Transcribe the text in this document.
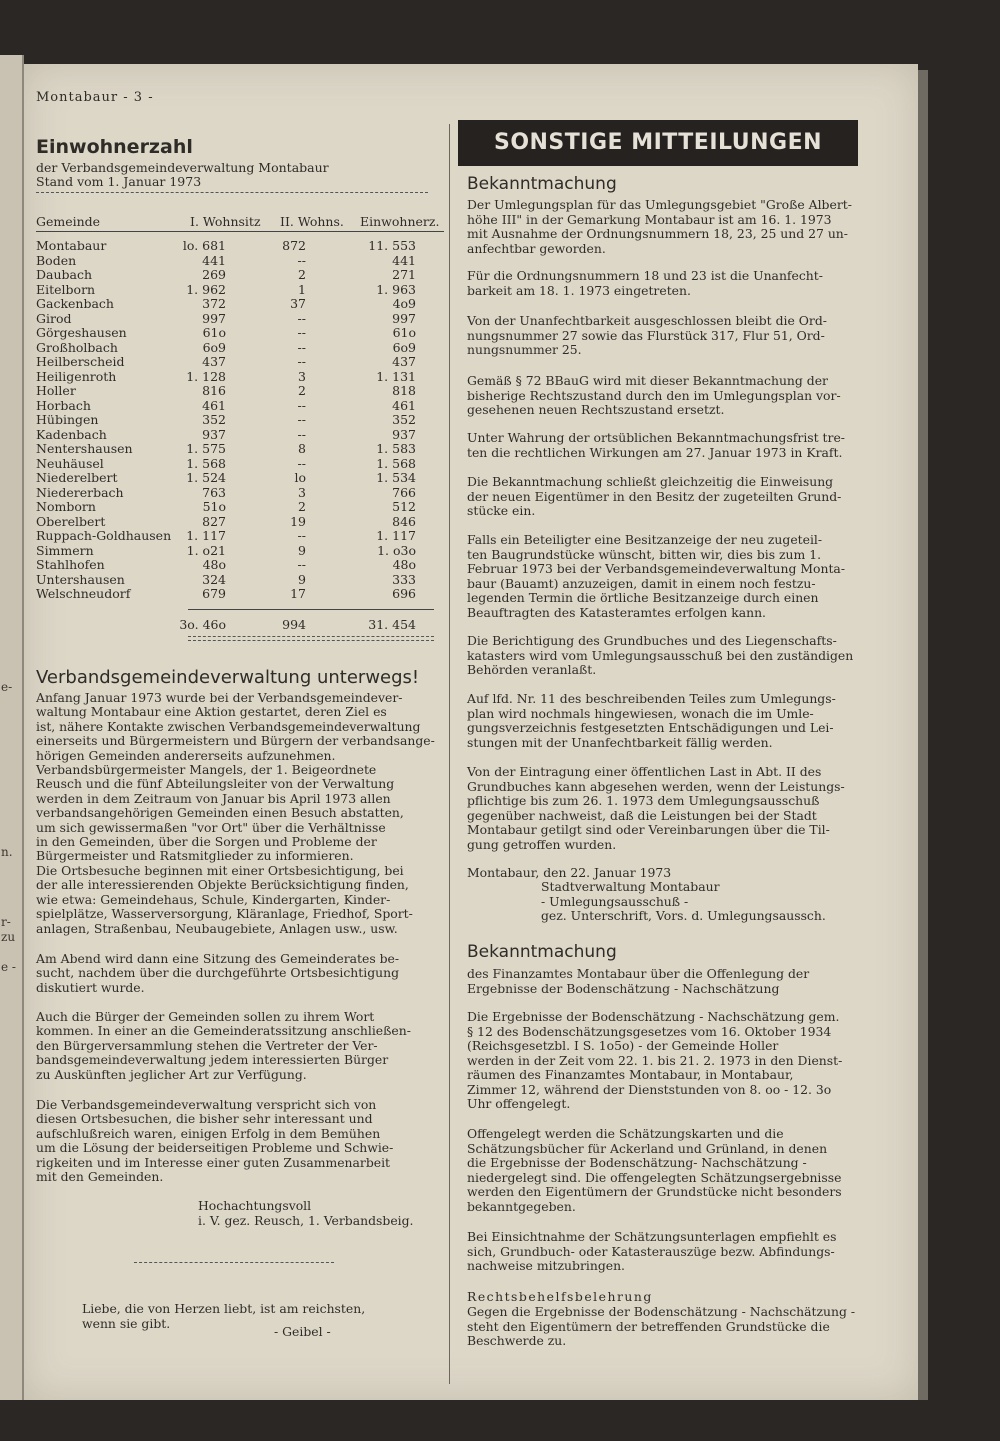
e-
n.
r-
zu
e -
Montabaur - 3 -
Einwohnerzahl
der Verbandsgemeindeverwaltung Montabaur
Stand vom 1. Januar 1973
Gemeinde	I. Wohnsitz II. Wohns. Einwohnerz.
Montabaur	lo. 681	872	11. 553
Boden	441	--	441
Daubach	269	2	271
Eitelborn	1. 962	1	1. 963
Gackenbach	372	37	4o9
Girod	997	--	997
Görgeshausen	61o	--	61o
Großholbach	6o9	--	6o9
Heilberscheid	437	--	437
Heiligenroth	1. 128	3	1. 131
Holler	816	2	818
Horbach	461	--	461
Hübingen	352	--	352
Kadenbach	937	--	937
Nentershausen	1. 575	8	1. 583
Neuhäusel	1. 568	--	1. 568
Niederelbert	1. 524	lo	1. 534
Niedererbach	763	3	766
Nomborn	51o	2	512
Oberelbert	827	19	846
Ruppach-Goldhausen 1. 117	--	1. 117
Simmern	1. o21	9	1. o3o
Stahlhofen	48o	--	48o
Untershausen	324	9	333
Welschneudorf	679	17	696
3o. 46o	994	31. 454
Verbandsgemeindeverwaltung unterwegs!
Anfang Januar 1973 wurde bei der Verbandsgemeindever-
waltung Montabaur eine Aktion gestartet, deren Ziel es
ist, nähere Kontakte zwischen Verbandsgemeindeverwaltung
einerseits und Bürgermeistern und Bürgern der verbandsange-
hörigen Gemeinden andererseits aufzunehmen.
Verbandsbürgermeister Mangels, der 1. Beigeordnete
Reusch und die fünf Abteilungsleiter von der Verwaltung
werden in dem Zeitraum von Januar bis April 1973 allen
verbandsangehörigen Gemeinden einen Besuch abstatten,
um sich gewissermaßen "vor Ort" über die Verhältnisse
in den Gemeinden, über die Sorgen und Probleme der
Bürgermeister und Ratsmitglieder zu informieren.
Die Ortsbesuche beginnen mit einer Ortsbesichtigung, bei
der alle interessierenden Objekte Berücksichtigung finden,
wie etwa: Gemeindehaus, Schule, Kindergarten, Kinder-
spielplätze, Wasserversorgung, Kläranlage, Friedhof, Sport-
anlagen, Straßenbau, Neubaugebiete, Anlagen usw., usw.
Am Abend wird dann eine Sitzung des Gemeinderates be-
sucht, nachdem über die durchgeführte Ortsbesichtigung
diskutiert wurde.
Auch die Bürger der Gemeinden sollen zu ihrem Wort
kommen. In einer an die Gemeinderatssitzung anschließen-
den Bürgerversammlung stehen die Vertreter der Ver-
bandsgemeindeverwaltung jedem interessierten Bürger
zu Auskünften jeglicher Art zur Verfügung.
Die Verbandsgemeindeverwaltung verspricht sich von
diesen Ortsbesuchen, die bisher sehr interessant und
aufschlußreich waren, einigen Erfolg in dem Bemühen
um die Lösung der beiderseitigen Probleme und Schwie-
rigkeiten und im Interesse einer guten Zusammenarbeit
mit den Gemeinden.
Hochachtungsvoll
i. V. gez. Reusch, 1. Verbandsbeig.
Liebe, die von Herzen liebt, ist am reichsten,
wenn sie gibt.
- Geibel -
SONSTIGE MITTEILUNGEN
Bekanntmachung
Der Umlegungsplan für das Umlegungsgebiet "Große Albert-
höhe III" in der Gemarkung Montabaur ist am 16. 1. 1973
mit Ausnahme der Ordnungsnummern 18, 23, 25 und 27 un-
anfechtbar geworden.
Für die Ordnungsnummern 18 und 23 ist die Unanfecht-
barkeit am 18. 1. 1973 eingetreten.
Von der Unanfechtbarkeit ausgeschlossen bleibt die Ord-
nungsnummer 27 sowie das Flurstück 317, Flur 51, Ord-
nungsnummer 25.
Gemäß § 72 BBauG wird mit dieser Bekanntmachung der
bisherige Rechtszustand durch den im Umlegungsplan vor-
gesehenen neuen Rechtszustand ersetzt.
Unter Wahrung der ortsüblichen Bekanntmachungsfrist tre-
ten die rechtlichen Wirkungen am 27. Januar 1973 in Kraft.
Die Bekanntmachung schließt gleichzeitig die Einweisung
der neuen Eigentümer in den Besitz der zugeteilten Grund-
stücke ein.
Falls ein Beteiligter eine Besitzanzeige der neu zugeteil-
ten Baugrundstücke wünscht, bitten wir, dies bis zum 1.
Februar 1973 bei der Verbandsgemeindeverwaltung Monta-
baur (Bauamt) anzuzeigen, damit in einem noch festzu-
legenden Termin die örtliche Besitzanzeige durch einen
Beauftragten des Katasteramtes erfolgen kann.
Die Berichtigung des Grundbuches und des Liegenschafts-
katasters wird vom Umlegungsausschuß bei den zuständigen
Behörden veranlaßt.
Auf lfd. Nr. 11 des beschreibenden Teiles zum Umlegungs-
plan wird nochmals hingewiesen, wonach die im Umle-
gungsverzeichnis festgesetzten Entschädigungen und Lei-
stungen mit der Unanfechtbarkeit fällig werden.
Von der Eintragung einer öffentlichen Last in Abt. II des
Grundbuches kann abgesehen werden, wenn der Leistungs-
pflichtige bis zum 26. 1. 1973 dem Umlegungsausschuß
gegenüber nachweist, daß die Leistungen bei der Stadt
Montabaur getilgt sind oder Vereinbarungen über die Til-
gung getroffen wurden.
Montabaur, den 22. Januar 1973
Stadtverwaltung Montabaur
- Umlegungsausschuß -
gez. Unterschrift, Vors. d. Umlegungsaussch.
Bekanntmachung
des Finanzamtes Montabaur über die Offenlegung der
Ergebnisse der Bodenschätzung - Nachschätzung
Die Ergebnisse der Bodenschätzung - Nachschätzung gem.
§ 12 des Bodenschätzungsgesetzes vom 16. Oktober 1934
(Reichsgesetzbl. I S. 1o5o) - der Gemeinde Holler
werden in der Zeit vom 22. 1. bis 21. 2. 1973 in den Dienst-
räumen des Finanzamtes Montabaur, in Montabaur,
Zimmer 12, während der Dienststunden von 8. oo - 12. 3o
Uhr offengelegt.
Offengelegt werden die Schätzungskarten und die
Schätzungsbücher für Ackerland und Grünland, in denen
die Ergebnisse der Bodenschätzung- Nachschätzung -
niedergelegt sind. Die offengelegten Schätzungsergebnisse
werden den Eigentümern der Grundstücke nicht besonders
bekanntgegeben.
Bei Einsichtnahme der Schätzungsunterlagen empfiehlt es
sich, Grundbuch- oder Katasterauszüge bezw. Abfindungs-
nachweise mitzubringen.
Rechtsbehelfsbelehrung
Gegen die Ergebnisse der Bodenschätzung - Nachschätzung -
steht den Eigentümern der betreffenden Grundstücke die
Beschwerde zu.
